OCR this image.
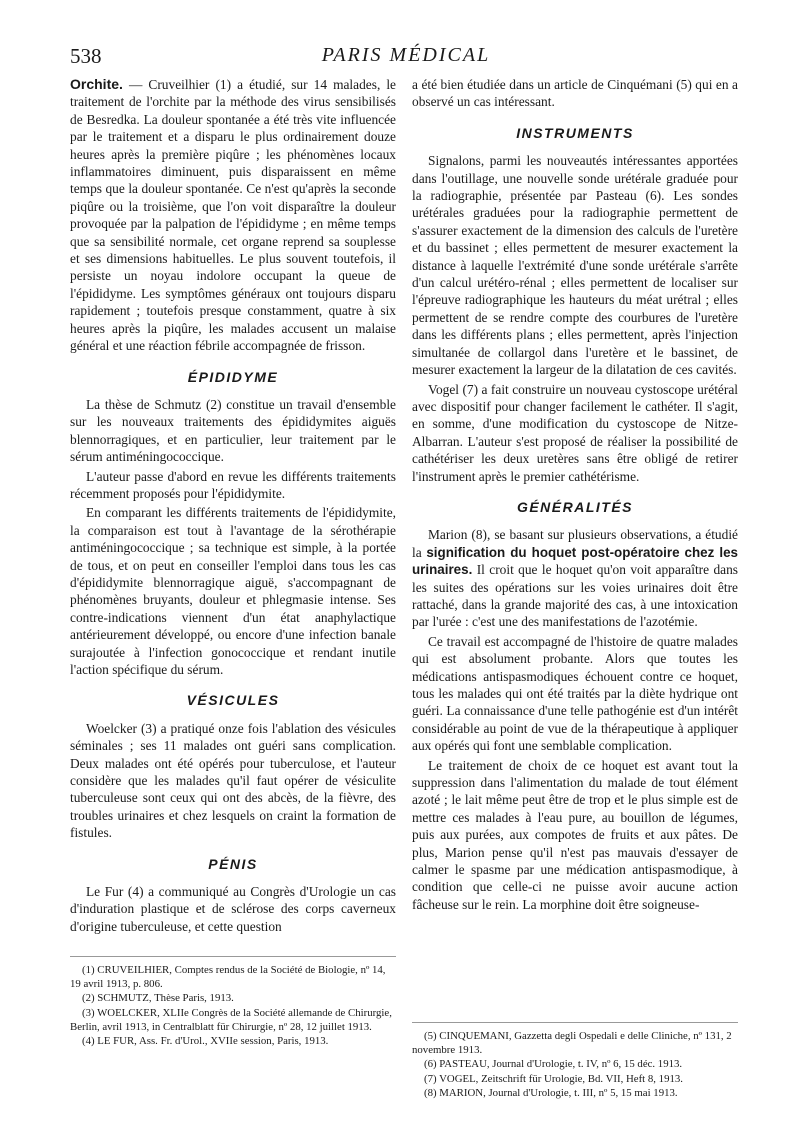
538	PARIS MÉDICAL

Orchite. — Cruveilhier (1) a étudié, sur 14 malades, le traitement de l'orchite par la méthode des virus sensibilisés de Besredka. La douleur spontanée a été très vite influencée par le traitement et a disparu le plus ordinairement douze heures après la première piqûre ; les phénomènes locaux inflammatoires diminuent, puis disparaissent en même temps que la douleur spontanée. Ce n'est qu'après la seconde piqûre ou la troisième, que l'on voit disparaître la douleur provoquée par la palpation de l'épididyme ; en même temps que sa sensibilité normale, cet organe reprend sa souplesse et ses dimensions habituelles. Le plus souvent toutefois, il persiste un noyau indolore occupant la queue de l'épididyme. Les symptômes généraux ont toujours disparu rapidement ; toutefois presque constamment, quatre à six heures après la piqûre, les malades accusent un malaise général et une réaction fébrile accompagnée de frisson.

ÉPIDIDYME

La thèse de Schmutz (2) constitue un travail d'ensemble sur les nouveaux traitements des épididymites aiguës blennorragiques, et en particulier, leur traitement par le sérum antiméningococcique.

L'auteur passe d'abord en revue les différents traitements récemment proposés pour l'épididymite.

En comparant les différents traitements de l'épididymite, la comparaison est tout à l'avantage de la sérothérapie antiméningococcique ; sa technique est simple, à la portée de tous, et on peut en conseiller l'emploi dans tous les cas d'épididymite blennorragique aiguë, s'accompagnant de phénomènes bruyants, douleur et phlegmasie intense. Ses contre-indications viennent d'un état anaphylactique antérieurement développé, ou encore d'une infection banale surajoutée à l'infection gonococcique et rendant inutile l'action spécifique du sérum.

VÉSICULES

Woelcker (3) a pratiqué onze fois l'ablation des vésicules séminales ; ses 11 malades ont guéri sans complication. Deux malades ont été opérés pour tuberculose, et l'auteur considère que les malades qu'il faut opérer de vésiculite tuberculeuse sont ceux qui ont des abcès, de la fièvre, des troubles urinaires et chez lesquels on craint la formation de fistules.

PÉNIS

Le Fur (4) a communiqué au Congrès d'Urologie un cas d'induration plastique et de sclérose des corps caverneux d'origine tuberculeuse, et cette question

(1) CRUVEILHIER, Comptes rendus de la Société de Biologie, nº 14, 19 avril 1913, p. 806.
(2) SCHMUTZ, Thèse Paris, 1913.
(3) WOELCKER, XLIIe Congrès de la Société allemande de Chirurgie, Berlin, avril 1913, in Centralblatt für Chirurgie, nº 28, 12 juillet 1913.
(4) LE FUR, Ass. Fr. d'Urol., XVIIe session, Paris, 1913.

a été bien étudiée dans un article de Cinquémani (5) qui en a observé un cas intéressant.

INSTRUMENTS

Signalons, parmi les nouveautés intéressantes apportées dans l'outillage, une nouvelle sonde urétérale graduée pour la radiographie, présentée par Pasteau (6). Les sondes urétérales graduées pour la radiographie permettent de s'assurer exactement de la dimension des calculs de l'uretère et du bassinet ; elles permettent de mesurer exactement la distance à laquelle l'extrémité d'une sonde urétérale s'arrête d'un calcul urétéro-rénal ; elles permettent de localiser sur l'épreuve radiographique les hauteurs du méat urétral ; elles permettent de se rendre compte des courbures de l'uretère dans les différents plans ; elles permettent, après l'injection simultanée de collargol dans l'uretère et le bassinet, de mesurer exactement la largeur de la dilatation de ces cavités.

Vogel (7) a fait construire un nouveau cystoscope urétéral avec dispositif pour changer facilement le cathéter. Il s'agit, en somme, d'une modification du cystoscope de Nitze-Albarran. L'auteur s'est proposé de réaliser la possibilité de cathétériser les deux uretères sans être obligé de retirer l'instrument après le premier cathétérisme.

GÉNÉRALITÉS

Marion (8), se basant sur plusieurs observations, a étudié la signification du hoquet post-opératoire chez les urinaires. Il croit que le hoquet qu'on voit apparaître dans les suites des opérations sur les voies urinaires doit être rattaché, dans la grande majorité des cas, à une intoxication par l'urée : c'est une des manifestations de l'azotémie.

Ce travail est accompagné de l'histoire de quatre malades qui est absolument probante. Alors que toutes les médications antispasmodiques échouent contre ce hoquet, tous les malades qui ont été traités par la diète hydrique ont guéri. La connaissance d'une telle pathogénie est d'un intérêt considérable au point de vue de la thérapeutique à appliquer aux opérés qui font une semblable complication.

Le traitement de choix de ce hoquet est avant tout la suppression dans l'alimentation du malade de tout élément azoté ; le lait même peut être de trop et le plus simple est de mettre ces malades à l'eau pure, au bouillon de légumes, puis aux purées, aux compotes de fruits et aux pâtes. De plus, Marion pense qu'il n'est pas mauvais d'essayer de calmer le spasme par une médication antispasmodique, à condition que celle-ci ne puisse avoir aucune action fâcheuse sur le rein. La morphine doit être soigneuse-

(5) CINQUEMANI, Gazzetta degli Ospedali e delle Cliniche, nº 131, 2 novembre 1913.
(6) PASTEAU, Journal d'Urologie, t. IV, nº 6, 15 déc. 1913.
(7) VOGEL, Zeitschrift für Urologie, Bd. VII, Heft 8, 1913.
(8) MARION, Journal d'Urologie, t. III, nº 5, 15 mai 1913.
